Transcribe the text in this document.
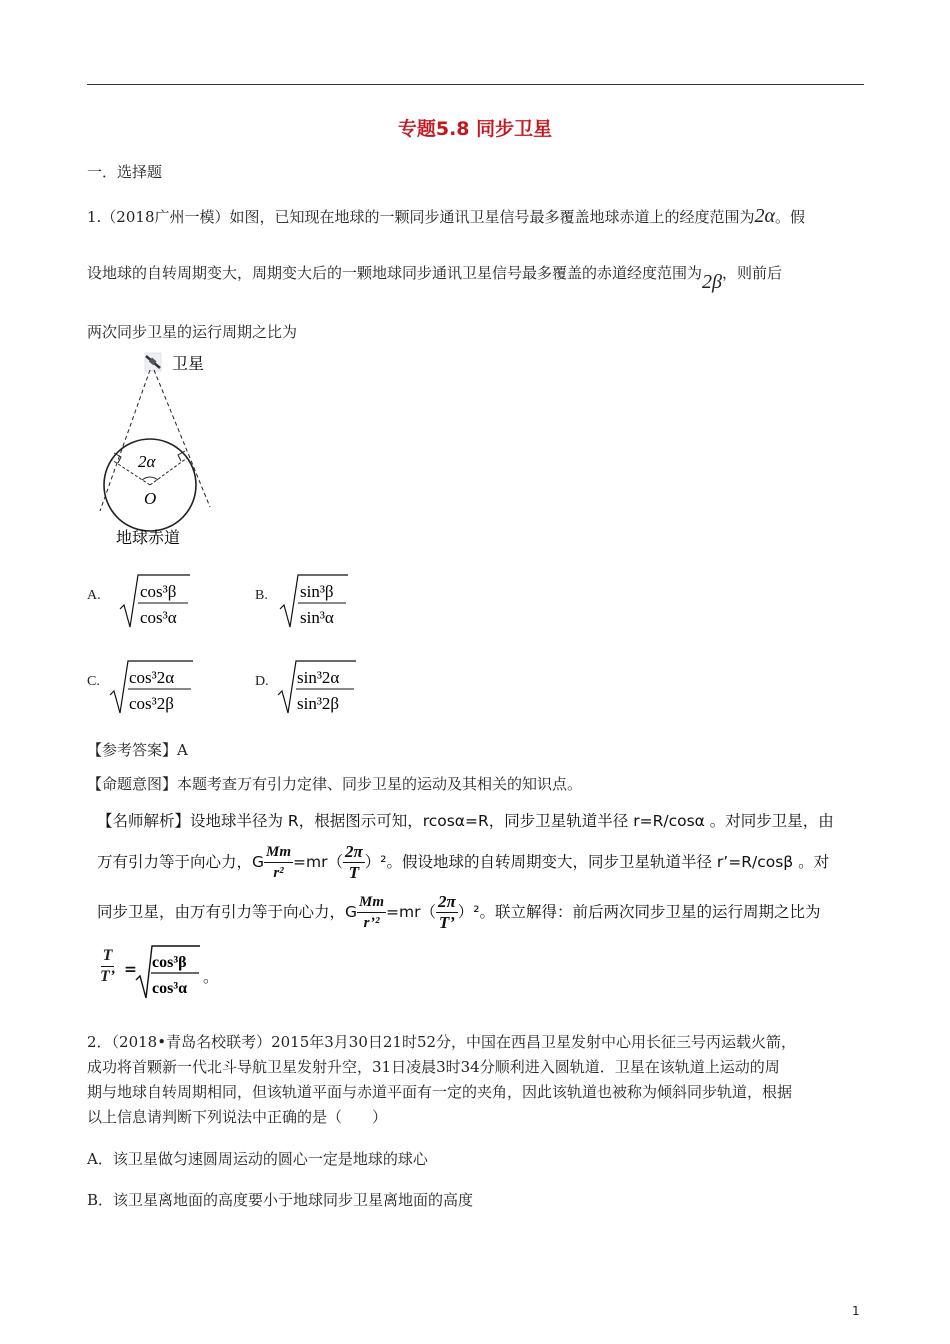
专题5.8 同步卫星
一．选择题
1.（2018广州一模）如图，已知现在地球的一颗同步通讯卫星信号最多覆盖地球赤道上的经度范围为2α。假
设地球的自转周期变大，周期变大后的一颗地球同步通讯卫星信号最多覆盖的赤道经度范围为2β，则前后
两次同步卫星的运行周期之比为
卫星
2α
O
地球赤道
A. cos³β
cos³α
B. sin³β
sin³α
C. cos³2α
cos³2β
D. sin³2α
sin³2β
【参考答案】A
【命题意图】本题考查万有引力定律、同步卫星的运动及其相关的知识点。
【名师解析】设地球半径为 R，根据图示可知，rcosα=R，同步卫星轨道半径 r=R/cosα 。对同步卫星，由
万有引力等于向心力，G $\frac{Mm}{\text{r²}} =mr( \frac{2\pi}{T} )^2$。假设地球的自转周期变大，同步卫星轨道半径 r’=R/cosβ 。对
同步卫星，由万有引力等于向心力，G $\frac{Mm}{\text{r’²}} =mr( \frac{2\pi}{T’} )^2$。联立解得：前后两次同步卫星的运行周期之比为
$\frac{T}{T’} = \cos^3\beta$
cos³α
。
2．（2018•青岛名校联考）2015年3月30日21时52分，中国在西昌卫星发射中心用长征三号丙运载火箭，
成功将首颗新一代北斗导航卫星发射升空，31日凌晨3时34分顺利进入圆轨道．卫星在该轨道上运动的周
期与地球自转周期相同，但该轨道平面与赤道平面有一定的夹角，因此该轨道也被称为倾斜同步轨道，根据
以上信息请判断下列说法中正确的是（　　）
A．该卫星做匀速圆周运动的圆心一定是地球的球心
B．该卫星离地面的高度要小于地球同步卫星离地面的高度
1
